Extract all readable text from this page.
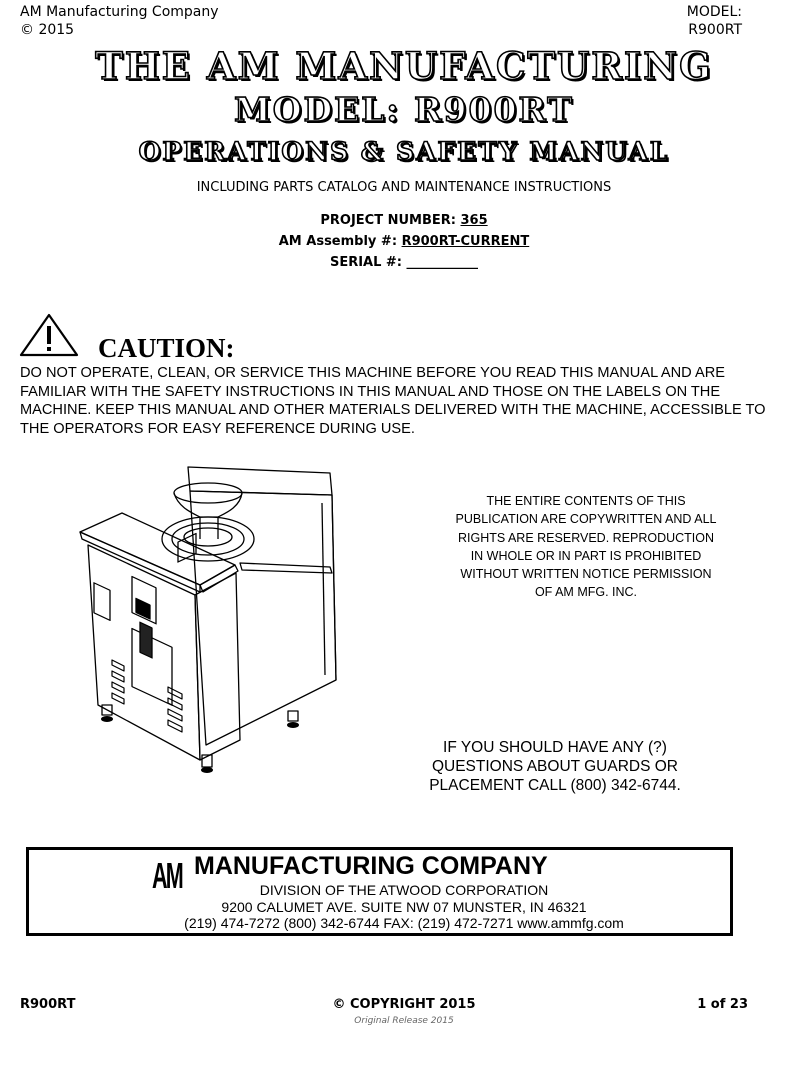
AM Manufacturing Company
© 2015
MODEL:
R900RT
THE AM MANUFACTURING
MODEL: R900RT
OPERATIONS & SAFETY MANUAL
INCLUDING PARTS CATALOG AND MAINTENANCE INSTRUCTIONS
PROJECT NUMBER: 365
AM Assembly #: R900RT-CURRENT
SERIAL #: ___________
CAUTION:
DO NOT OPERATE, CLEAN, OR SERVICE THIS MACHINE BEFORE YOU READ THIS MANUAL AND ARE FAMILIAR WITH THE SAFETY INSTRUCTIONS IN THIS MANUAL AND THOSE ON THE LABELS ON THE MACHINE. KEEP THIS MANUAL AND OTHER MATERIALS DELIVERED WITH THE MACHINE, ACCESSIBLE TO THE OPERATORS FOR EASY REFERENCE DURING USE.
THE ENTIRE CONTENTS OF THIS
PUBLICATION ARE COPYWRITTEN AND ALL
RIGHTS ARE RESERVED. REPRODUCTION
IN WHOLE OR IN PART IS PROHIBITED
WITHOUT WRITTEN NOTICE PERMISSION
OF AM MFG. INC.
IF YOU SHOULD HAVE ANY (?)
QUESTIONS ABOUT GUARDS OR
PLACEMENT CALL (800) 342-6744.
AM MANUFACTURING COMPANY
DIVISION OF THE ATWOOD CORPORATION
9200 CALUMET AVE. SUITE NW 07 MUNSTER, IN 46321
(219) 474-7272 (800) 342-6744 FAX: (219) 472-7271 www.ammfg.com
R900RT	© COPYRIGHT 2015
Original Release 2015
1 of 23
